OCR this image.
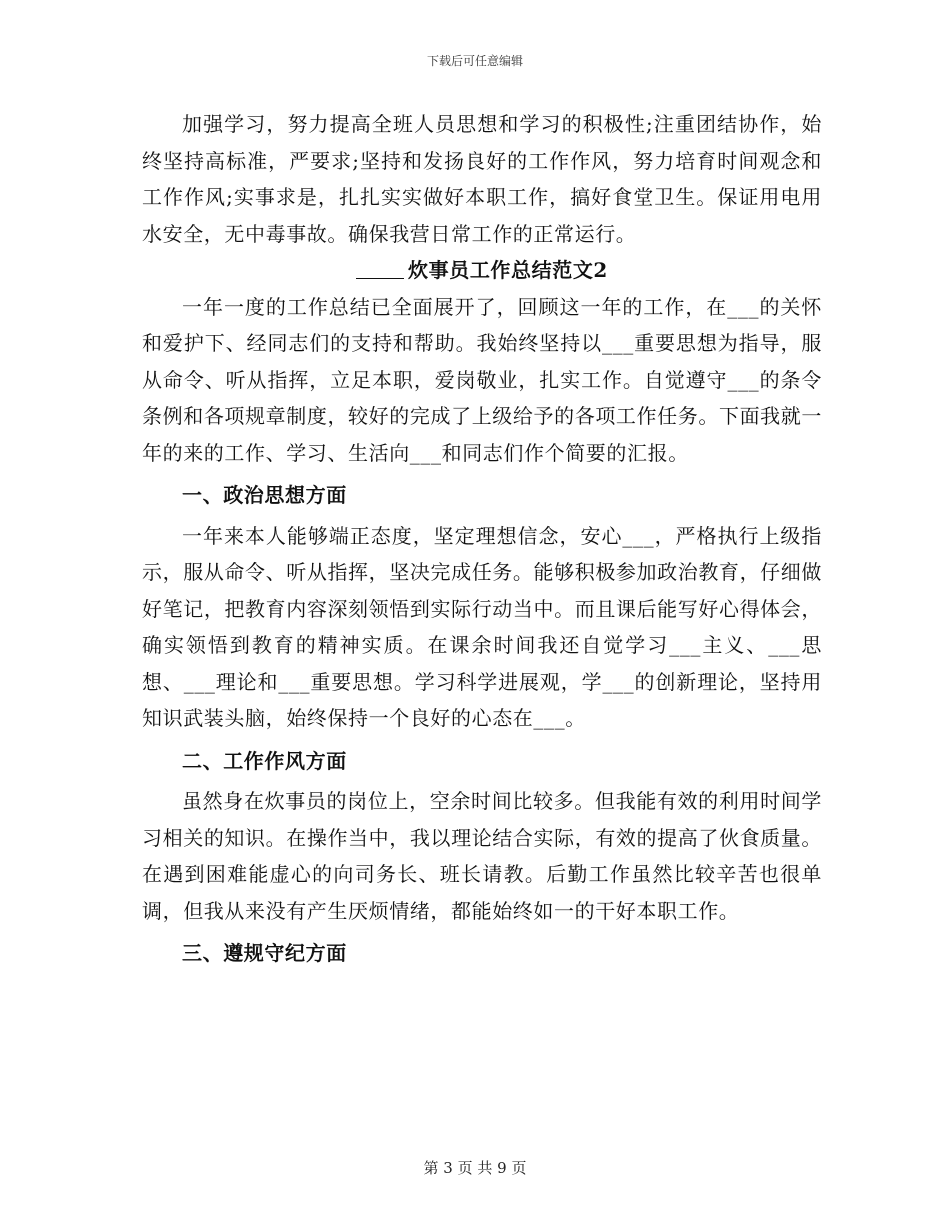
下载后可任意编辑

加强学习，努力提高全班人员思想和学习的积极性;注重团结协作，始终坚持高标准，严要求;坚持和发扬良好的工作作风，努力培育时间观念和工作作风;实事求是，扎扎实实做好本职工作，搞好食堂卫生。保证用电用水安全，无中毒事故。确保我营日常工作的正常运行。

炊事员工作总结范文2

一年一度的工作总结已全面展开了，回顾这一年的工作，在___的关怀和爱护下、经同志们的支持和帮助。我始终坚持以___重要思想为指导，服从命令、听从指挥，立足本职，爱岗敬业，扎实工作。自觉遵守___的条令条例和各项规章制度，较好的完成了上级给予的各项工作任务。下面我就一年的来的工作、学习、生活向___和同志们作个简要的汇报。

一、政治思想方面

一年来本人能够端正态度，坚定理想信念，安心___，严格执行上级指示，服从命令、听从指挥，坚决完成任务。能够积极参加政治教育，仔细做好笔记，把教育内容深刻领悟到实际行动当中。而且课后能写好心得体会，确实领悟到教育的精神实质。在课余时间我还自觉学习___主义、___思想、___理论和___重要思想。学习科学进展观，学___的创新理论，坚持用知识武装头脑，始终保持一个良好的心态在___。

二、工作作风方面

虽然身在炊事员的岗位上，空余时间比较多。但我能有效的利用时间学习相关的知识。在操作当中，我以理论结合实际，有效的提高了伙食质量。在遇到困难能虚心的向司务长、班长请教。后勤工作虽然比较辛苦也很单调，但我从来没有产生厌烦情绪，都能始终如一的干好本职工作。

三、遵规守纪方面

第 3 页 共 9 页
